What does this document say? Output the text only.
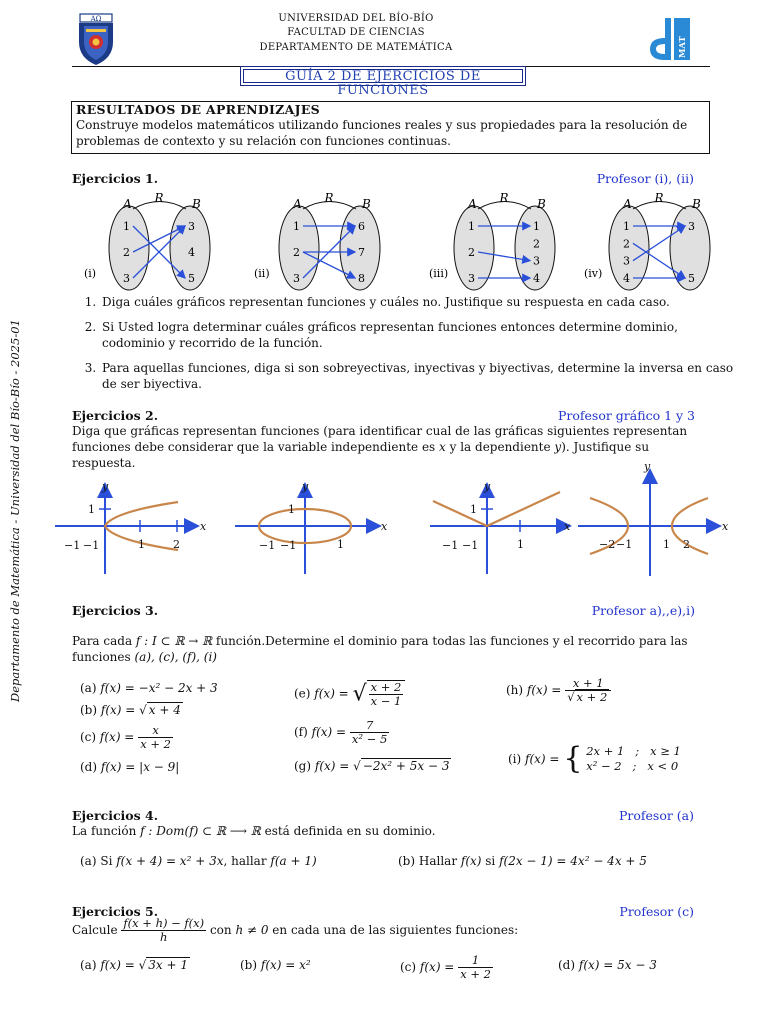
Departamento de Matemática - Universidad del Bío-Bío - 2025-01
ΑΩ	UNIVERSIDAD DEL BÍO-BÍO
FACULTAD DE CIENCIAS
DEPARTAMENTO DE MATEMÁTICA	MAT
GUÍA 2 DE EJERCICIOS DE FUNCIONES
RESULTADOS DE APRENDIZAJES

Construye modelos matemáticos utilizando funciones reales y sus propiedades para la resolución de problemas de contexto y su relación con funciones continuas.

Ejercicios 1.	Profesor (i), (ii)
A	B
R
(i)
1
2
3
3
4
5
A	B
R
(ii)
1
2
3
6
7
8
A	B
R
(iii)
1
2
3
1
2
3
4
A	B
R
(iv)
1
2
3
4
3
5
1. Diga cuáles gráficos representan funciones y cuáles no. Justifique su respuesta en cada caso.
2. Si Usted logra determinar cuáles gráficos representan funciones entonces determine dominio, codominio y recorrido de la función.
3. Para aquellas funciones, diga si son sobreyectivas, inyectivas y biyectivas, determine la inversa en caso de ser biyectiva.
Ejercicios 2.	Profesor gráfico 1 y 3
Diga que gráficas representan funciones (para identificar cual de las gráficas siguientes representan funciones debe considerar que la variable independiente es x y la dependiente y). Justifique su respuesta.
x
y
1
−1 −1	1	2
x
y
1
−1 −1	1
x
y
1
−1 −1	1
x
y
−2 −1	1 2
Ejercicios 3.	Profesor a),,e),i)
Para cada f : I ⊂ ℝ → ℝ función.Determine el dominio para todas las funciones y el recorrido para las funciones (a), (c), (f), (i)
(a) f(x) = −x² − 2x + 3
(b) f(x) = √ x + 4
(c) $f(x) = \frac{x}{x + 2}$
(d) f(x) = |x − 9|
(e) f(x) = √ $\frac{x + 2}{x - 1}$
(f) $f(x) = \frac{7}{\text{x² − 5}}$
(g) f(x) = √ −2x² + 5x − 3
(h) $f(x) = \frac{x + 1}{√ x + 2}$
(i) f(x) = { 2x + 1   ;   x ≥ 1
x² − 2   ;   x < 0
Ejercicios 4.	Profesor (a)
La función f : Dom(f) ⊂ ℝ ⟶ ℝ está definida en su dominio.
(a) Si f(x + 4) = x² + 3x, hallar f(a + 1)	(b) Hallar f(x) si f(2x − 1) = 4x² − 4x + 5
Ejercicios 5.	Profesor (c)
Calcule $\frac{f(x + h) - f(x)}{h}$ con h ≠ 0 en cada una de las siguientes funciones:
(a) f(x) = √ 3x + 1	(b) f(x) = x²	(c) $f(x) = \frac{1}{x + 2}$	(d) f(x) = 5x − 3
